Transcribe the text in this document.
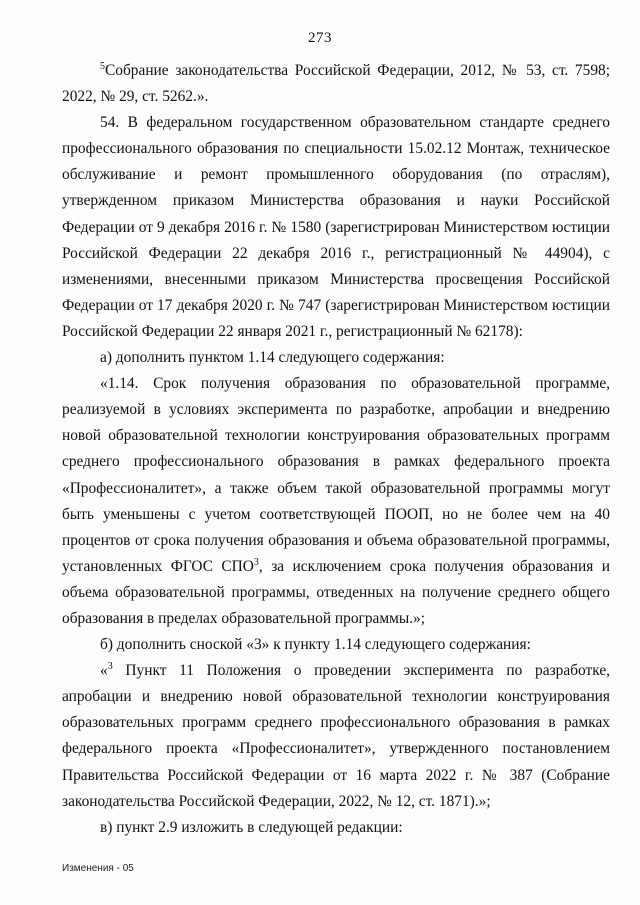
273

$^5$Собрание законодательства Российской Федерации, 2012, № 53, ст. 7598; 2022, № 29, ст. 5262.».

54. В федеральном государственном образовательном стандарте среднего профессионального образования по специальности 15.02.12 Монтаж, техническое обслуживание и ремонт промышленного оборудования (по отраслям), утвержденном приказом Министерства образования и науки Российской Федерации от 9 декабря 2016 г. № 1580 (зарегистрирован Министерством юстиции Российской Федерации 22 декабря 2016 г., регистрационный № 44904), с изменениями, внесенными приказом Министерства просвещения Российской Федерации от 17 декабря 2020 г. № 747 (зарегистрирован Министерством юстиции Российской Федерации 22 января 2021 г., регистрационный № 62178):

а) дополнить пунктом 1.14 следующего содержания:

«1.14. Срок получения образования по образовательной программе, реализуемой в условиях эксперимента по разработке, апробации и внедрению новой образовательной технологии конструирования образовательных программ среднего профессионального образования в рамках федерального проекта «Профессионалитет», а также объем такой образовательной программы могут быть уменьшены с учетом соответствующей ПООП, но не более чем на 40 процентов от срока получения образования и объема образовательной программы, установленных ФГОС СПО$^3$, за исключением срока получения образования и объема образовательной программы, отведенных на получение среднего общего образования в пределах образовательной программы.»;

б) дополнить сноской «3» к пункту 1.14 следующего содержания:

«$^3$ Пункт 11 Положения о проведении эксперимента по разработке, апробации и внедрению новой образовательной технологии конструирования образовательных программ среднего профессионального образования в рамках федерального проекта «Профессионалитет», утвержденного постановлением Правительства Российской Федерации от 16 марта 2022 г. № 387 (Собрание законодательства Российской Федерации, 2022, № 12, ст. 1871).»;

в) пункт 2.9 изложить в следующей редакции:

Изменения - 05
